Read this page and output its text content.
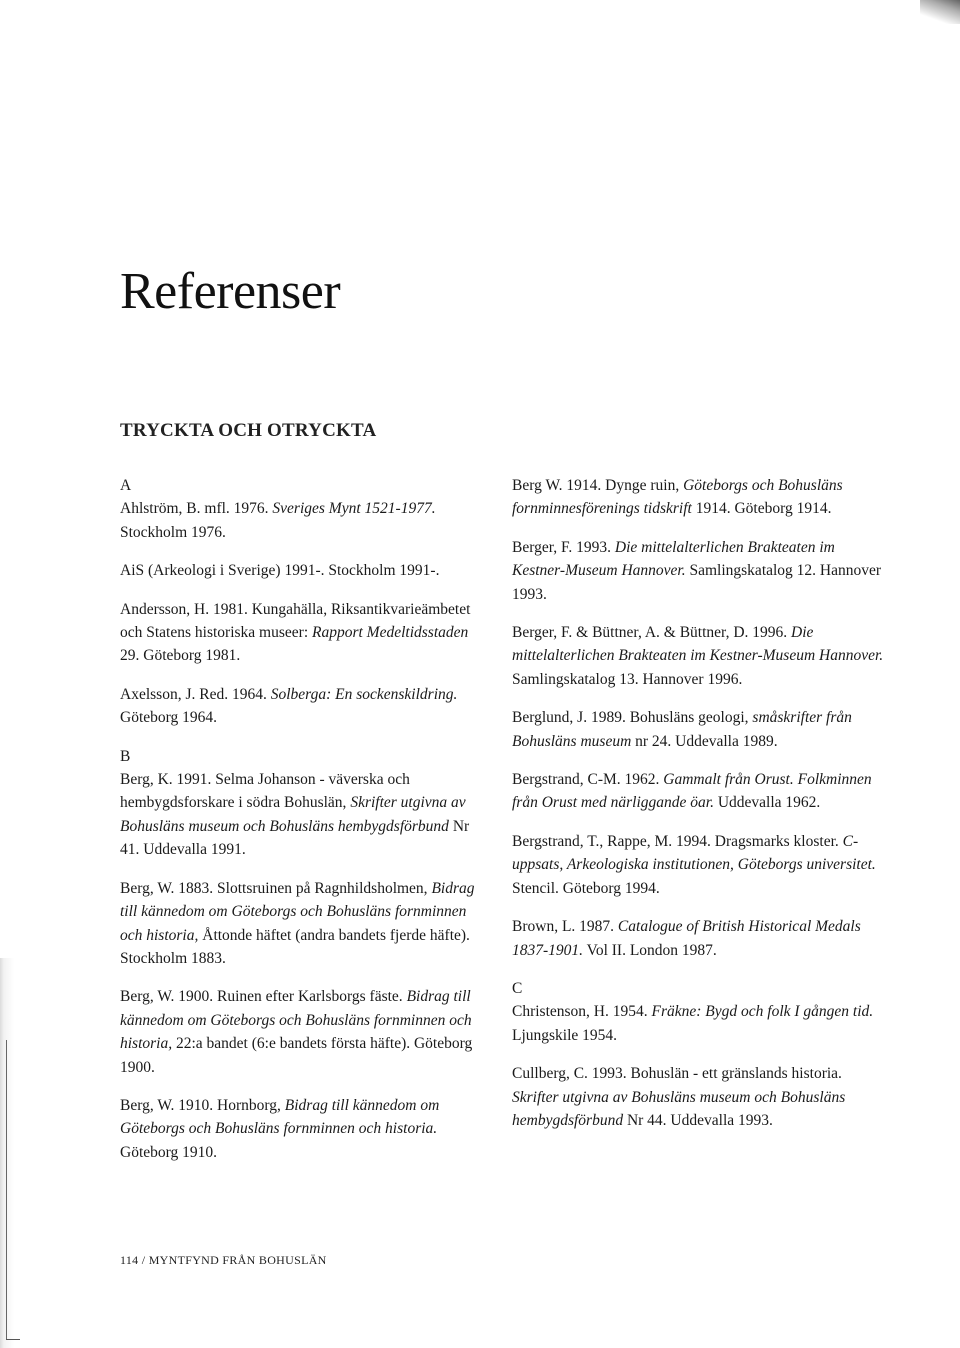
Referenser
TRYCKTA OCH OTRYCKTA
A

Ahlström, B. mfl. 1976. Sveriges Mynt 1521-1977. Stockholm 1976.

AiS (Arkeologi i Sverige) 1991-. Stockholm 1991-.

Andersson, H. 1981. Kungahälla, Riksantikvarieämbetet och Statens historiska museer: Rapport Medeltidsstaden 29. Göteborg 1981.

Axelsson, J. Red. 1964. Solberga: En sockenskildring. Göteborg 1964.

B

Berg, K. 1991. Selma Johanson - väverska och hembygdsforskare i södra Bohuslän, Skrifter utgivna av Bohusläns museum och Bohusläns hembygdsförbund Nr 41. Uddevalla 1991.

Berg, W. 1883. Slottsruinen på Ragnhildsholmen, Bidrag till kännedom om Göteborgs och Bohusläns fornminnen och historia, Åttonde häftet (andra bandets fjerde häfte). Stockholm 1883.

Berg, W. 1900. Ruinen efter Karlsborgs fäste. Bidrag till kännedom om Göteborgs och Bohusläns fornminnen och historia, 22:a bandet (6:e bandets första häfte). Göteborg 1900.

Berg, W. 1910. Hornborg, Bidrag till kännedom om Göteborgs och Bohusläns fornminnen och historia. Göteborg 1910.

Berg W. 1914. Dynge ruin, Göteborgs och Bohusläns fornminnesförenings tidskrift 1914. Göteborg 1914.

Berger, F. 1993. Die mittelalterlichen Brakteaten im Kestner-Museum Hannover. Samlingskatalog 12. Hannover 1993.

Berger, F. & Büttner, A. & Büttner, D. 1996. Die mittelalterlichen Brakteaten im Kestner-Museum Hannover. Samlingskatalog 13. Hannover 1996.

Berglund, J. 1989. Bohusläns geologi, småskrifter från Bohusläns museum nr 24. Uddevalla 1989.

Bergstrand, C-M. 1962. Gammalt från Orust. Folkminnen från Orust med närliggande öar. Uddevalla 1962.

Bergstrand, T., Rappe, M. 1994. Dragsmarks kloster. C-uppsats, Arkeologiska institutionen, Göteborgs universitet. Stencil. Göteborg 1994.

Brown, L. 1987. Catalogue of British Historical Medals 1837-1901. Vol II. London 1987.

C

Christenson, H. 1954. Fräkne: Bygd och folk I gången tid. Ljungskile 1954.

Cullberg, C. 1993. Bohuslän - ett gränslands historia. Skrifter utgivna av Bohusläns museum och Bohusläns hembygdsförbund Nr 44. Uddevalla 1993.

114 / MYNTFYND FRÅN BOHUSLÄN
